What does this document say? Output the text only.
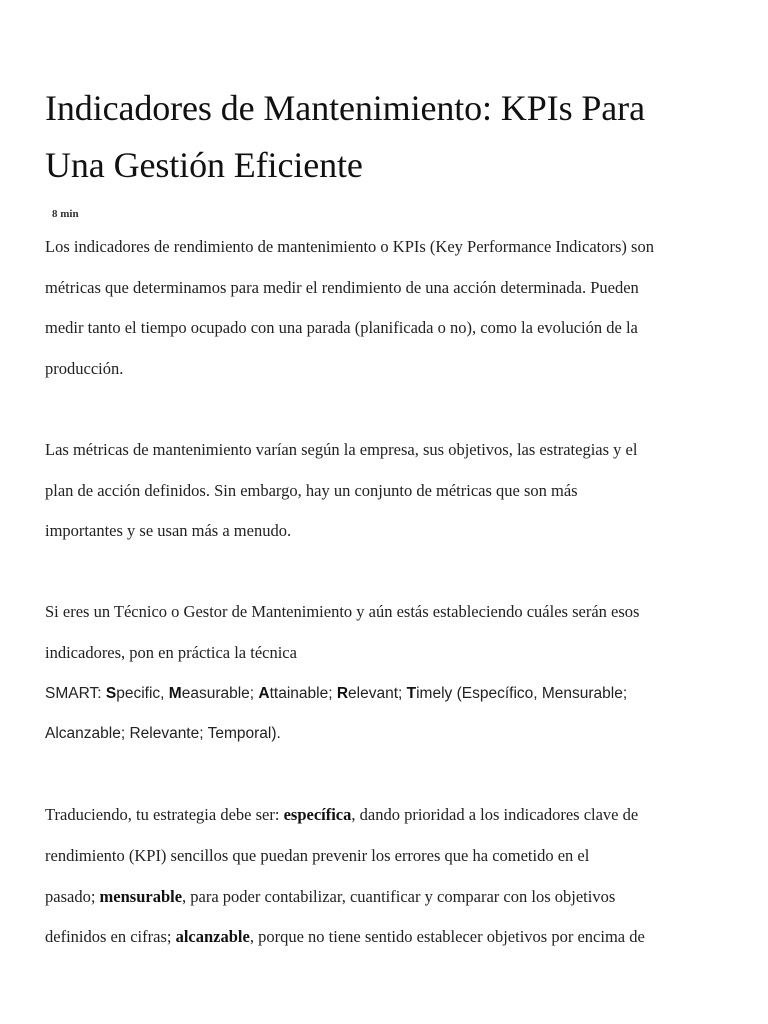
Indicadores de Mantenimiento: KPIs Para
Una Gestión Eficiente
8 min

Los indicadores de rendimiento de mantenimiento o KPIs (Key Performance Indicators) son
métricas que determinamos para medir el rendimiento de una acción determinada. Pueden
medir tanto el tiempo ocupado con una parada (planificada o no), como la evolución de la
producción.

Las métricas de mantenimiento varían según la empresa, sus objetivos, las estrategias y el
plan de acción definidos. Sin embargo, hay un conjunto de métricas que son más
importantes y se usan más a menudo.

Si eres un Técnico o Gestor de Mantenimiento y aún estás estableciendo cuáles serán esos
indicadores, pon en práctica la técnica
SMART: Specific, Measurable; Attainable; Relevant; Timely (Específico, Mensurable;
Alcanzable; Relevante; Temporal).

Traduciendo, tu estrategia debe ser: específica, dando prioridad a los indicadores clave de
rendimiento (KPI) sencillos que puedan prevenir los errores que ha cometido en el
pasado; mensurable, para poder contabilizar, cuantificar y comparar con los objetivos
definidos en cifras; alcanzable, porque no tiene sentido establecer objetivos por encima de
